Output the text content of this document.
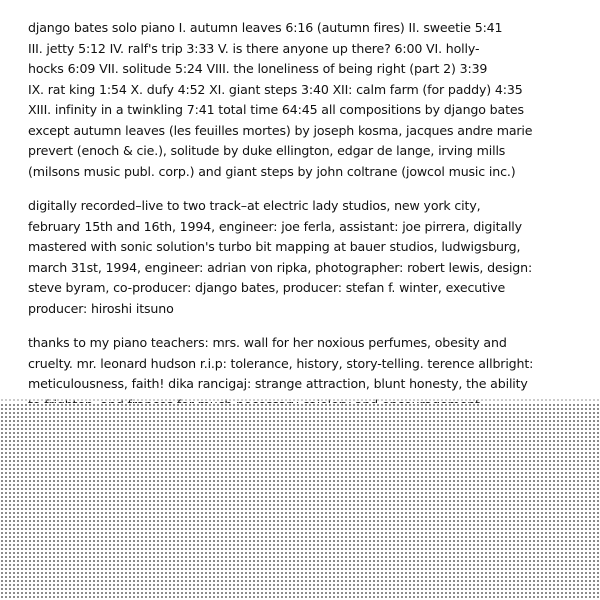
django bates solo piano I. autumn leaves 6:16 (autumn fires) II. sweetie 5:41
III. jetty 5:12 IV. ralf's trip 3:33 V. is there anyone up there? 6:00 VI. holly-
hocks 6:09 VII. solitude 5:24 VIII. the loneliness of being right (part 2) 3:39
IX. rat king 1:54 X. dufy 4:52 XI. giant steps 3:40 XII: calm farm (for paddy) 4:35
XIII. infinity in a twinkling 7:41 total time 64:45 all compositions by django bates
except autumn leaves (les feuilles mortes) by joseph kosma, jacques andre marie
prevert (enoch & cie.), solitude by duke ellington, edgar de lange, irving mills
(milsons music publ. corp.) and giant steps by john coltrane (jowcol music inc.)
digitally recorded–live to two track–at electric lady studios, new york city,
february 15th and 16th, 1994, engineer: joe ferla, assistant: joe pirrera, digitally
mastered with sonic solution's turbo bit mapping at bauer studios, ludwigsburg,
march 31st, 1994, engineer: adrian von ripka, photographer: robert lewis, design:
steve byram, co-producer: django bates, producer: stefan f. winter, executive
producer: hiroshi itsuno
thanks to my piano teachers: mrs. wall for her noxious perfumes, obesity and
cruelty. mr. leonard hudson r.i.p: tolerance, history, story-telling. terence allbright:
meticulousness, faith! dika rancigaj: strange attraction, blunt honesty, the ability
